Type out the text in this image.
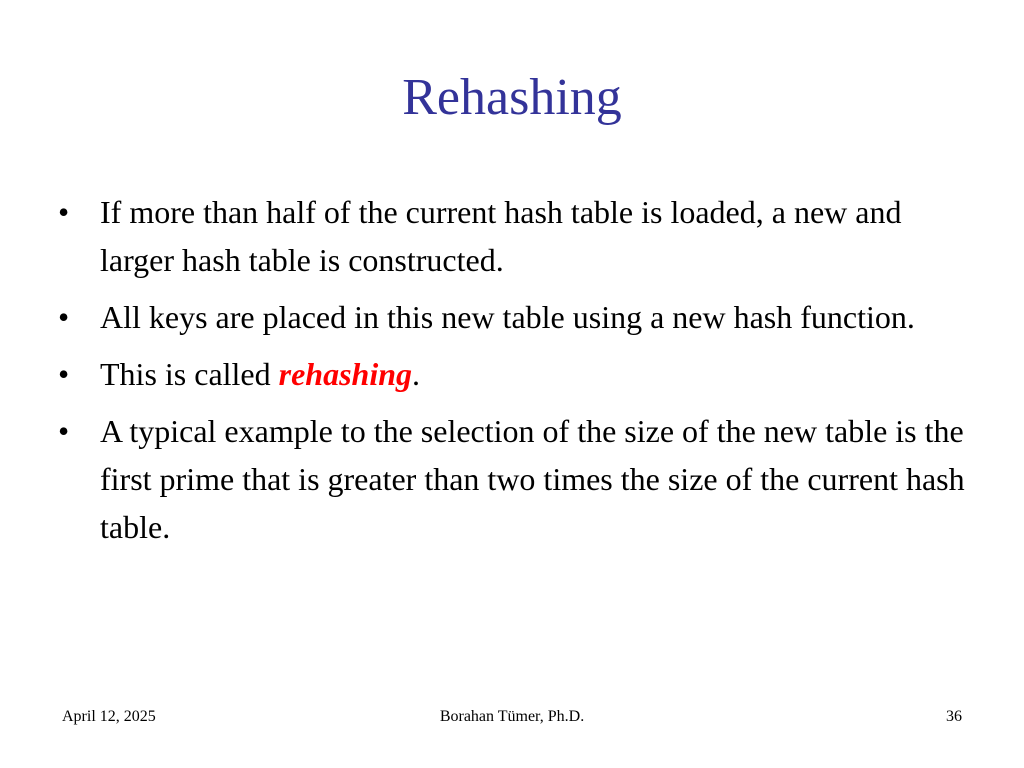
Rehashing
• If more than half of the current hash table is loaded, a new and larger hash table is constructed.
• All keys are placed in this new table using a new hash function.
• This is called rehashing.
• A typical example to the selection of the size of the new table is the first prime that is greater than two times the size of the current hash table.
April 12, 2025	Borahan Tümer, Ph.D.	36
